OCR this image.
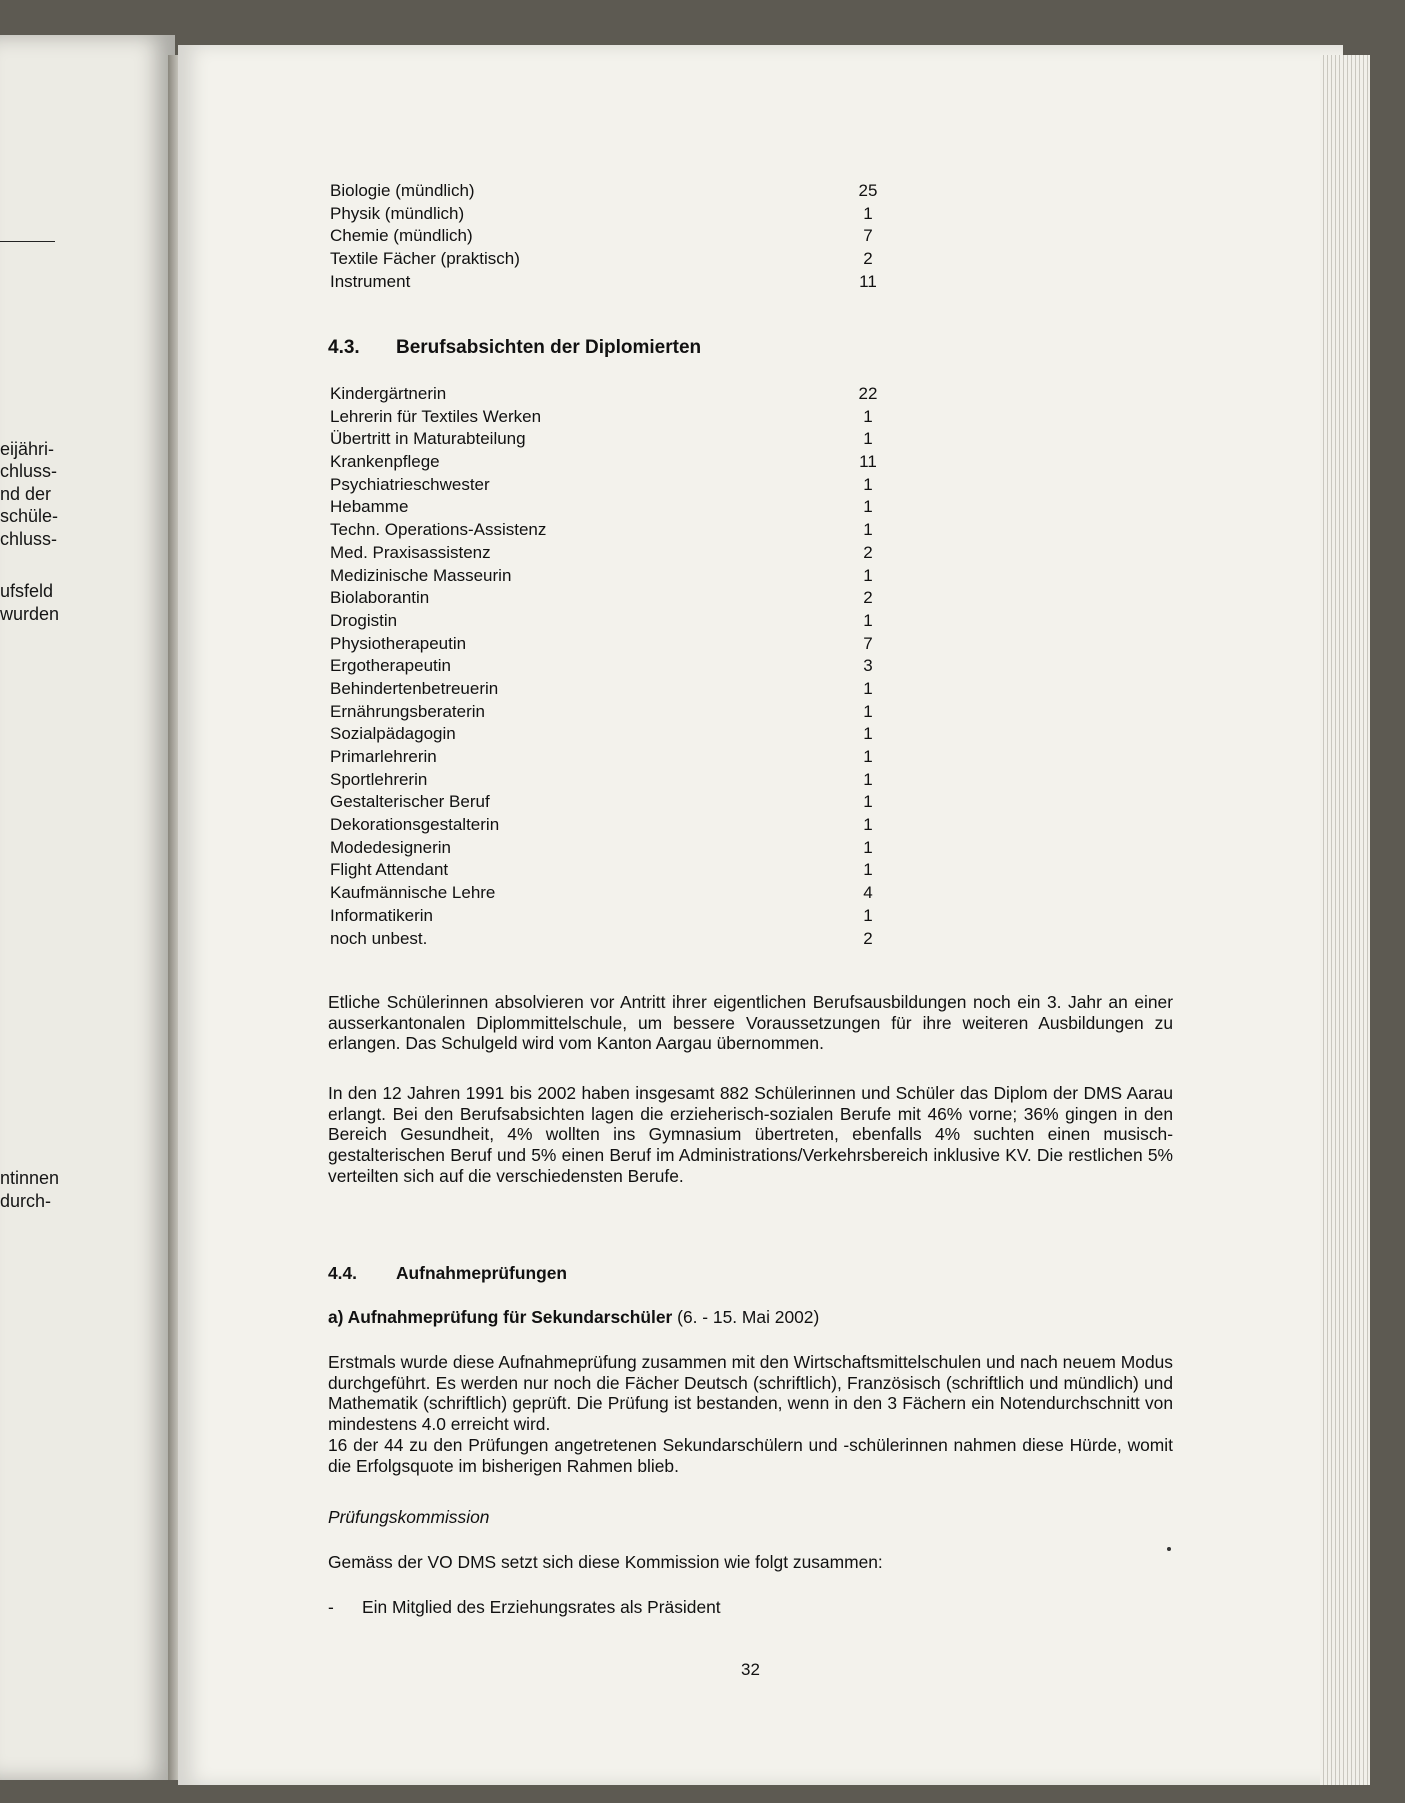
eijähri-
chluss-
nd der
schüle-
chluss-
ufsfeld
wurden
ntinnen
durch-
Biologie (mündlich)	25
Physik (mündlich)	1
Chemie (mündlich)	7
Textile Fächer (praktisch)	2
Instrument	11
4.3. Berufsabsichten der Diplomierten
Kindergärtnerin	22
Lehrerin für Textiles Werken	1
Übertritt in Maturabteilung	1
Krankenpflege	11
Psychiatrieschwester	1
Hebamme	1
Techn. Operations-Assistenz	1
Med. Praxisassistenz	2
Medizinische Masseurin	1
Biolaborantin	2
Drogistin	1
Physiotherapeutin	7
Ergotherapeutin	3
Behindertenbetreuerin	1
Ernährungsberaterin	1
Sozialpädagogin	1
Primarlehrerin	1
Sportlehrerin	1
Gestalterischer Beruf	1
Dekorationsgestalterin	1
Modedesignerin	1
Flight Attendant	1
Kaufmännische Lehre	4
Informatikerin	1
noch unbest.	2
Etliche Schülerinnen absolvieren vor Antritt ihrer eigentlichen Berufsausbildungen noch ein 3. Jahr an einer ausserkantonalen Diplommittelschule, um bessere Voraussetzungen für ihre weiteren Ausbildungen zu erlangen. Das Schulgeld wird vom Kanton Aargau übernommen.
In den 12 Jahren 1991 bis 2002 haben insgesamt 882 Schülerinnen und Schüler das Diplom der DMS Aarau erlangt. Bei den Berufsabsichten lagen die erzieherisch-sozialen Berufe mit 46% vorne; 36% gingen in den Bereich Gesundheit, 4% wollten ins Gymnasium übertreten, ebenfalls 4% suchten einen musisch-gestalterischen Beruf und 5% einen Beruf im Administrations/Verkehrsbereich inklusive KV. Die restlichen 5% verteilten sich auf die verschiedensten Berufe.
4.4. Aufnahmeprüfungen
a) Aufnahmeprüfung für Sekundarschüler (6. - 15. Mai 2002)
Erstmals wurde diese Aufnahmeprüfung zusammen mit den Wirtschaftsmittelschulen und nach neuem Modus durchgeführt. Es werden nur noch die Fächer Deutsch (schriftlich), Französisch (schriftlich und mündlich) und Mathematik (schriftlich) geprüft. Die Prüfung ist bestanden, wenn in den 3 Fächern ein Notendurchschnitt von mindestens 4.0 erreicht wird.
16 der 44 zu den Prüfungen angetretenen Sekundarschülern und -schülerinnen nahmen diese Hürde, womit die Erfolgsquote im bisherigen Rahmen blieb.
Prüfungskommission
Gemäss der VO DMS setzt sich diese Kommission wie folgt zusammen:
- Ein Mitglied des Erziehungsrates als Präsident
32
